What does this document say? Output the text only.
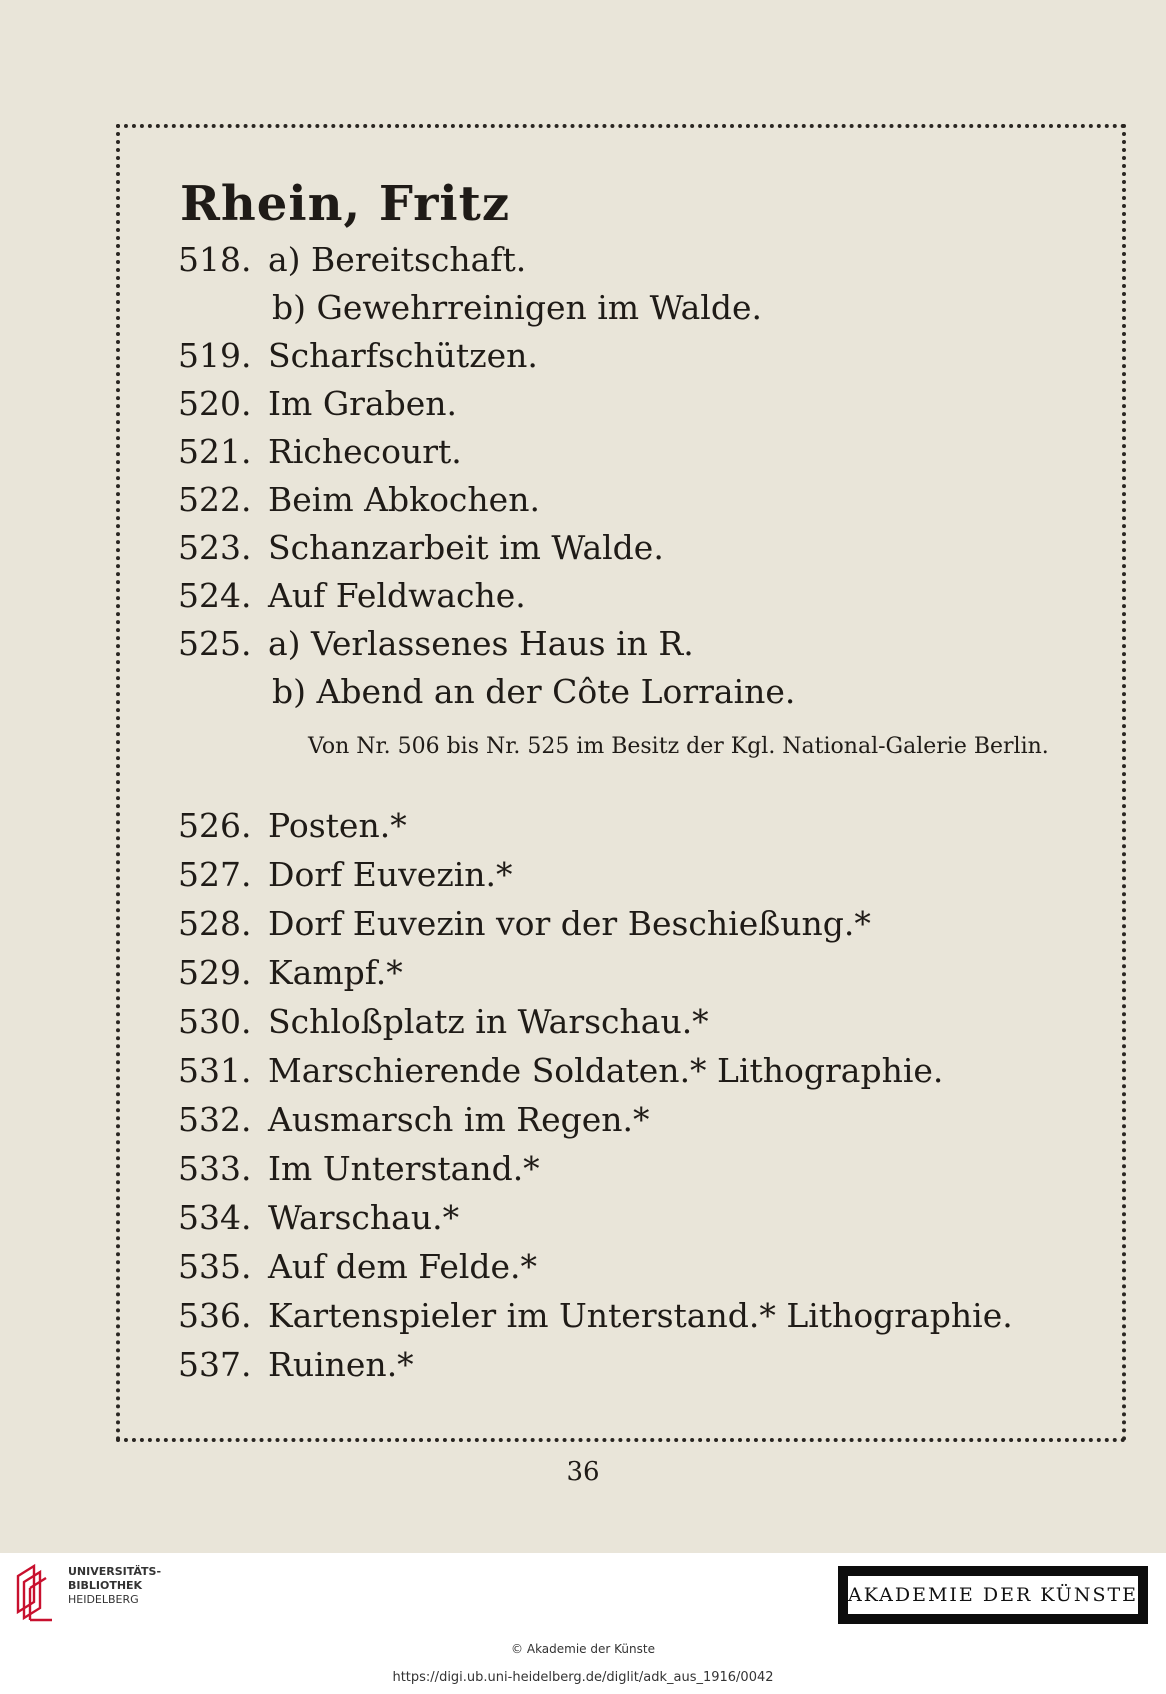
Rhein, Fritz
518. a) Bereitschaft.
b) Gewehrreinigen im Walde.
519. Scharfschützen.
520. Im Graben.
521. Richecourt.
522. Beim Abkochen.
523. Schanzarbeit im Walde.
524. Auf Feldwache.
525. a) Verlassenes Haus in R.
b) Abend an der Côte Lorraine.
Von Nr. 506 bis Nr. 525 im Besitz der Kgl. National-Galerie Berlin.
526. Posten.*
527. Dorf Euvezin.*
528. Dorf Euvezin vor der Beschießung.*
529. Kampf.*
530. Schloßplatz in Warschau.*
531. Marschierende Soldaten.* Lithographie.
532. Ausmarsch im Regen.*
533. Im Unterstand.*
534. Warschau.*
535. Auf dem Felde.*
536. Kartenspieler im Unterstand.* Lithographie.
537. Ruinen.*
36
UNIVERSITÄTS-
BIBLIOTHEK
HEIDELBERG	AKADEMIE DER KÜNSTE
© Akademie der Künste
https://digi.ub.uni-heidelberg.de/diglit/adk_aus_1916/0042
